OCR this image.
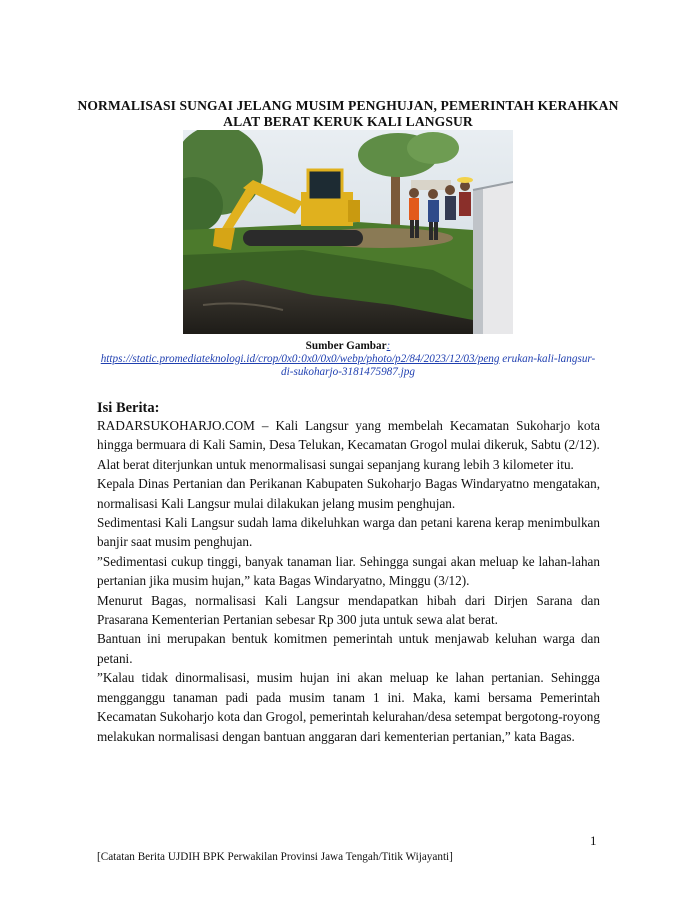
NORMALISASI SUNGAI JELANG MUSIM PENGHUJAN, PEMERINTAH KERAHKAN ALAT BERAT KERUK KALI LANGSUR
Sumber Gambar:
https://static.promediateknologi.id/crop/0x0:0x0/0x0/webp/photo/p2/84/2023/12/03/peng erukan-kali-langsur-di-sukoharjo-3181475987.jpg
Isi Berita:

RADARSUKOHARJO.COM – Kali Langsur yang membelah Kecamatan Sukoharjo kota hingga bermuara di Kali Samin, Desa Telukan, Kecamatan Grogol mulai dikeruk, Sabtu (2/12).

Alat berat diterjunkan untuk menormalisasi sungai sepanjang kurang lebih 3 kilometer itu.

Kepala Dinas Pertanian dan Perikanan Kabupaten Sukoharjo Bagas Windaryatno mengatakan, normalisasi Kali Langsur mulai dilakukan jelang musim penghujan.

Sedimentasi Kali Langsur sudah lama dikeluhkan warga dan petani karena kerap menimbulkan banjir saat musim penghujan.

”Sedimentasi cukup tinggi, banyak tanaman liar. Sehingga sungai akan meluap ke lahan-lahan pertanian jika musim hujan,” kata Bagas Windaryatno, Minggu (3/12).

Menurut Bagas, normalisasi Kali Langsur mendapatkan hibah dari Dirjen Sarana dan Prasarana Kementerian Pertanian sebesar Rp 300 juta untuk sewa alat berat.

Bantuan ini merupakan bentuk komitmen pemerintah untuk menjawab keluhan warga dan petani.

”Kalau tidak dinormalisasi, musim hujan ini akan meluap ke lahan pertanian. Sehingga mengganggu tanaman padi pada musim tanam 1 ini. Maka, kami bersama Pemerintah Kecamatan Sukoharjo kota dan Grogol, pemerintah kelurahan/desa setempat bergotong-royong melakukan normalisasi dengan bantuan anggaran dari kementerian pertanian,” kata Bagas.

1
[Catatan Berita UJDIH BPK Perwakilan Provinsi Jawa Tengah/Titik Wijayanti]
